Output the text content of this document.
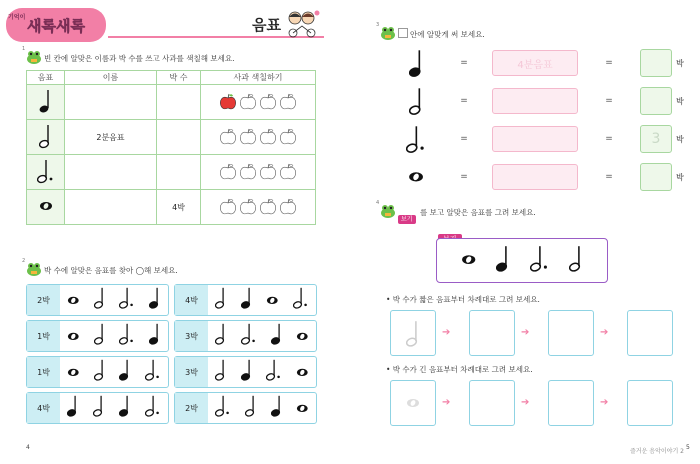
새록새록
기억이	음표
1
빈 칸에 알맞은 이름과 박 수를 쓰고 사과를 색칠해 보세요.
음표	이름	박 수	사과 색칠하기

	2분음표		

		4박	
2
박 수에 알맞은 음표를 찾아 ◯해 보세요.
2박
1박
1박
4박
4박
3박
3박
2박
4
3
안에 알맞게 써 보세요.
=	4분음표	=	박
=	=	박
=	=	3	박
=	=	박
4
보기
를 보고 알맞은 음표를 그려 보세요.
• 박 수가 짧은 음표부터 차례대로 그려 보세요.
• 박 수가 긴 음표부터 차례대로 그려 보세요.
➔	➔	➔
➔	➔	➔
즐거운 음악이야기 2
5
